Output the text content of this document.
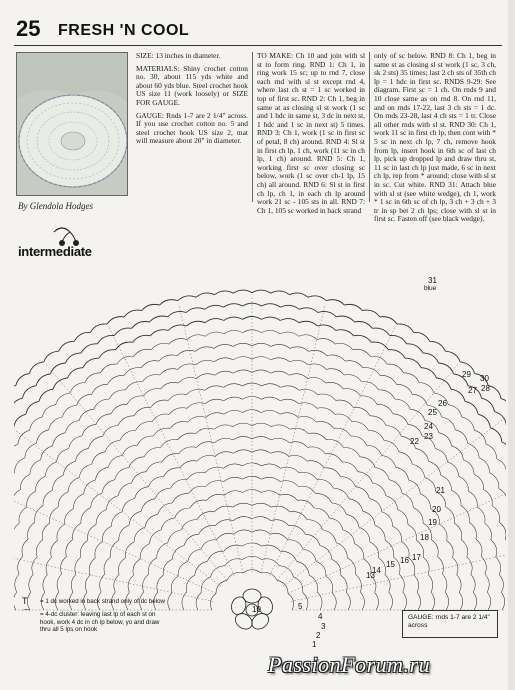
25 FRESH 'N COOL
By Glendola Hodges
intermediate

SIZE: 13 inches in diameter.

MATERIALS: Shiny crochet cotton no. 30, about 115 yds white and about 60 yds blue. Steel crochet hook US size 11 (work loosely) or SIZE FOR GAUGE.

GAUGE: Rnds 1-7 are 2 1/4" across. If you use crochet cotton no. 5 and steel crochet hook US size 2, mat will measure about 20" in diameter.

TO MAKE: Ch 10 and join with sl st to form ring. RND 1: Ch 1, in ring work 15 sc; up to rnd 7, close each rnd with sl st except rnd 4, where last ch st = 1 sc worked in top of first sc. RND 2: Ch 1, beg in same at as closing sl st work (1 sc and 1 hdc in same st, 3 dc in next st, 1 hdc and 1 sc in next st) 5 times. RND 3: Ch 1, work (1 sc in first sc of petal, 8 ch) around. RND 4: Sl st in first ch lp, 1 ch, work (11 sc in ch lp, 1 ch) around. RND 5: Ch 1, working first sc over closing sc below, work (1 sc over ch-1 lp, 15 ch) all around. RND 6: Sl st in first ch lp, ch 1, in each ch lp around work 21 sc - 105 sts in all. RND 7: Ch 1, 105 sc worked in back strand

only of sc below. RND 8: Ch 1, beg in same st as closing sl st work (1 sc, 3 ch, sk 2 sts) 35 times; last 2 ch sts of 35th ch lp = 1 hdc in first sc. RNDS 9-29: See diagram. First sc = 1 ch. On rnds 9 and 10 close same as on rnd 8. On rnd 11, and on rnds 17-22, last 3 ch sts = 1 dc. On rnds 23-28, last 4 ch sts = 1 tr. Close all other rnds with sl st. RND 30: Ch 1, work 11 sc in first ch lp, then cont with * 5 sc in next ch lp, 7 ch, remove hook from lp, insert hook in 6th sc of last ch lp, pick up dropped lp and draw thru st, 11 sc in last ch lp just made, 6 sc in next ch lp, rep from * around; close with sl st in sc. Cut white. RND 31: Attach blue with sl st (see white wedge), ch 1, work * 1 sc in 6th sc of ch lp, 3 ch + 3 ch + 3 tr in sp bet 2 ch lps; close with sl st in first sc. Fasten off (see black wedge).

31
30
29
28
27
26
25
24
23
22
21
20
19
18
17
16
15
14
13
10	5
4
3
2
1
blue
T = 1 dc worked in back strand only of dc below
⌒ = 4-dc cluster: leaving last lp of each st on hook, work 4 dc in ch lp below, yo and draw thru all 5 lps on hook
GAUGE: rnds 1-7 are 2 1/4" across
PassionForum.ru
